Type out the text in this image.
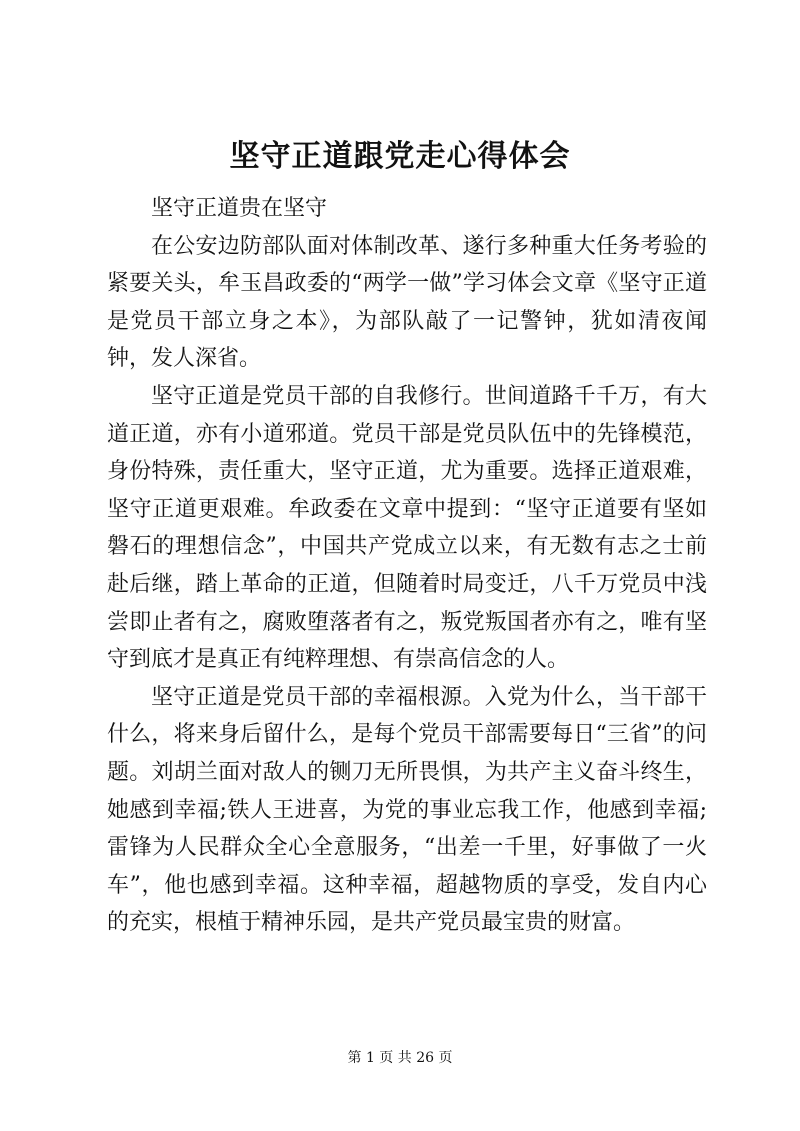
坚守正道跟党走心得体会

坚守正道贵在坚守

在公安边防部队面对体制改革、遂行多种重大任务考验的紧要关头，牟玉昌政委的“两学一做”学习体会文章《坚守正道是党员干部立身之本》，为部队敲了一记警钟，犹如清夜闻钟，发人深省。

坚守正道是党员干部的自我修行。世间道路千千万，有大道正道，亦有小道邪道。党员干部是党员队伍中的先锋模范，身份特殊，责任重大，坚守正道，尤为重要。选择正道艰难，坚守正道更艰难。牟政委在文章中提到：“坚守正道要有坚如磐石的理想信念”，中国共产党成立以来，有无数有志之士前赴后继，踏上革命的正道，但随着时局变迁，八千万党员中浅尝即止者有之，腐败堕落者有之，叛党叛国者亦有之，唯有坚守到底才是真正有纯粹理想、有崇高信念的人。

坚守正道是党员干部的幸福根源。入党为什么，当干部干什么，将来身后留什么，是每个党员干部需要每日“三省”的问题。刘胡兰面对敌人的铡刀无所畏惧，为共产主义奋斗终生，她感到幸福;铁人王进喜，为党的事业忘我工作，他感到幸福;雷锋为人民群众全心全意服务，“出差一千里，好事做了一火车”，他也感到幸福。这种幸福，超越物质的享受，发自内心的充实，根植于精神乐园，是共产党员最宝贵的财富。

第 1 页 共 26 页
